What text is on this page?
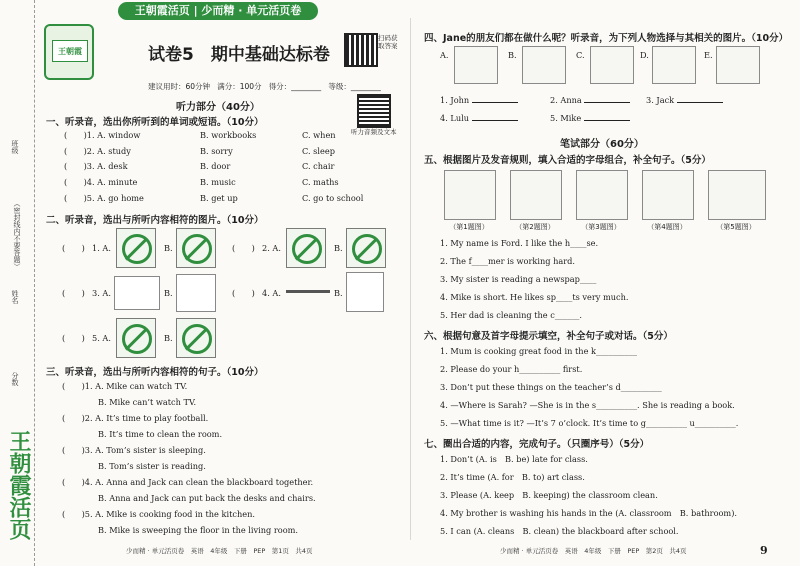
王朝霞活页 | 少而精 · 单元活页卷
班级
（密封线内不要答题）
姓名
分数
王朝霞活页
王朝霞	试卷5　期中基础达标卷
扫码获取答案
听力音频及文本
建议用时：60分钟 满分：100分 得分：________ 等级：________
听力部分（40分）
一、听录音，选出你所听到的单词或短语。（10分）
(　　)1. A. window	B. workbooks	C. when
(　　)2. A. study	B. sorry	C. sleep
(　　)3. A. desk	B. door	C. chair
(　　)4. A. minute	B. music	C. maths
(　　)5. A. go home	B. get up	C. go to school
二、听录音，选出与所听内容相符的图片。（10分）
(　　) 1. A.	B.	(　　) 2. A.	B.
(　　) 3. A.	B.	(　　) 4. A.	B.
(　　) 5. A.	B.
三、听录音，选出与所听内容相符的句子。（10分）
(　　)1. A. Mike can watch TV.
B. Mike can’t watch TV.
(　　)2. A. It’s time to play football.
B. It’s time to clean the room.
(　　)3. A. Tom’s sister is sleeping.
B. Tom’s sister is reading.
(　　)4. A. Anna and Jack can clean the blackboard together.
B. Anna and Jack can put back the desks and chairs.
(　　)5. A. Mike is cooking food in the kitchen.
B. Mike is sweeping the floor in the living room.
少而精 · 单元活页卷　英语　4年级　下册　PEP　第1页　共4页
四、Jane的朋友们都在做什么呢？听录音，为下列人物选择与其相关的图片。（10分）
A.	B.	C.	D.	E.
1. John	2. Anna	3. Jack
4. Lulu	5. Mike
笔试部分（60分）
五、根据图片及发音规则，填入合适的字母组合，补全句子。（5分）
（第1题图）	（第2题图）	（第3题图）	（第4题图）	（第5题图）
1. My name is Ford. I like the h____se.
2. The f____mer is working hard.
3. My sister is reading a newspap____
4. Mike is short. He likes sp____ts very much.
5. Her dad is cleaning the c______.
六、根据句意及首字母提示填空，补全句子或对话。（5分）
1. Mum is cooking great food in the k__________
2. Please do your h__________ first.
3. Don’t put these things on the teacher’s d__________
4. —Where is Sarah? —She is in the s__________. She is reading a book.
5. —What time is it? —It’s 7 o’clock. It’s time to g__________ u__________.
七、圈出合适的内容，完成句子。（只圈序号）（5分）
1. Don’t (A. is　B. be) late for class.
2. It’s time (A. for　B. to) art class.
3. Please (A. keep　B. keeping) the classroom clean.
4. My brother is washing his hands in the (A. classroom　B. bathroom).
5. I can (A. cleans　B. clean) the blackboard after school.
少而精 · 单元活页卷　英语　4年级　下册　PEP　第2页　共4页	9
